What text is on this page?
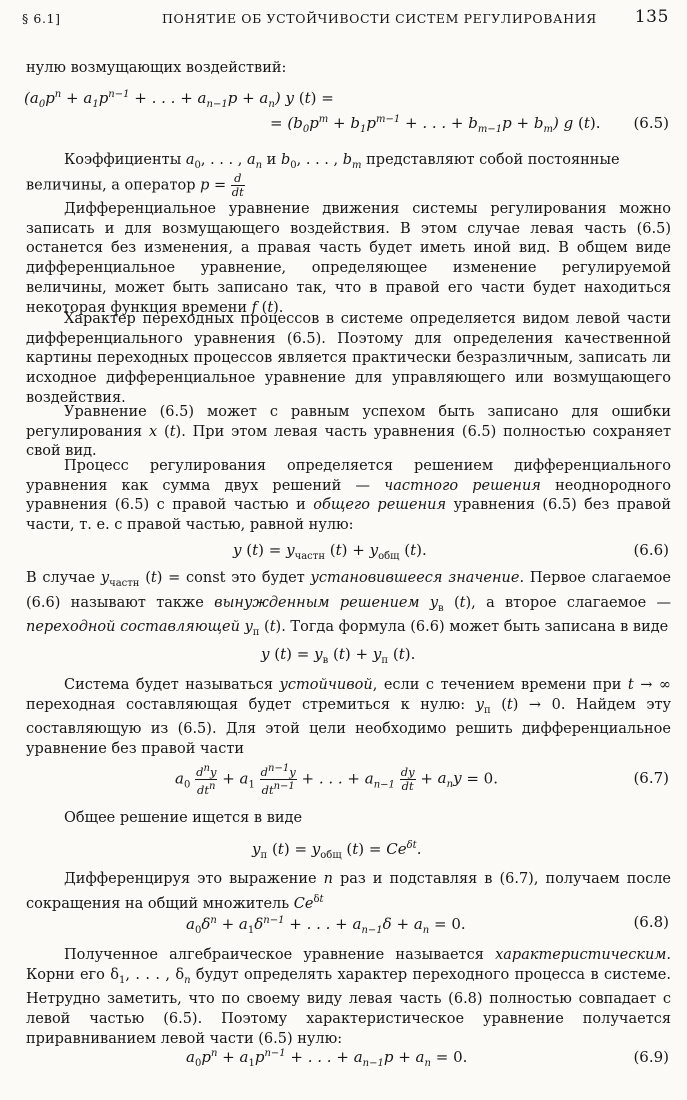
§ 6.1]	ПОНЯТИЕ ОБ УСТОЙЧИВОСТИ СИСТЕМ РЕГУЛИРОВАНИЯ 135
нулю возмущающих воздействий:
($a_0p^n + a_1p^{n-1}$ + . . . + $a_{n-1}p + a_n$) y (t) =
= ($b_0p^m + b_1p^{m-1}$ + . . . + $b_{m-1}p + b_m$) g (t). (6.5)
Коэффициенты $a_0$, . . . , $a_n$ и $b_0$, . . . , $b_m$ представляют собой постоянные
величины, а оператор $p = \frac{d}{dt}$
Дифференциальное уравнение движения системы регулирования можно записать и для возмущающего воздействия. В этом случае левая часть (6.5) останется без изменения, а правая часть будет иметь иной вид. В общем виде дифференциальное уравнение, определяющее изменение регулируемой величины, может быть записано так, что в правой его части будет находиться некоторая функция времени f (t).
Характер переходных процессов в системе определяется видом левой части дифференциального уравнения (6.5). Поэтому для определения качественной картины переходных процессов является практически безразличным, записать ли исходное дифференциальное уравнение для управляющего или возмущающего воздействия.
Уравнение (6.5) может с равным успехом быть записано для ошибки регулирования x (t). При этом левая часть уравнения (6.5) полностью сохраняет свой вид.
Процесс регулирования определяется решением дифференциального уравнения как сумма двух решений — частного решения неоднородного уравнения (6.5) с правой частью и общего решения уравнения (6.5) без правой части, т. е. с правой частью, равной нулю:
y $(t) = y_{частн}$ $(t) + y_{общ}$ (t).	(6.6)
В случае $y_{частн}$ (t) = const это будет установившееся значение. Первое слагаемое (6.6) называют также вынужденным решением $y_в$ (t), а второе слагаемое — переходной составляющей $y_п$ (t). Тогда формула (6.6) может быть записана в виде
y $(t) = y_в$ $(t) + y_п$ (t).
Система будет называться устойчивой, если с течением времени при t → ∞ переходная составляющая будет стремиться к нулю: $y_п$ (t) → 0. Найдем эту составляющую из (6.5). Для этой цели необходимо решить дифференциальное уравнение без правой части
$a_0 \frac{d^ny}{dt^n} + a_1 \frac{d^{n-1}y}{dt^{n-1}}$ + . . . + $a_{n-1} \frac{dy}{dt} + a_ny = 0$.	(6.7)
Общее решение ищется в виде
$y_п$ $(t) = y_{общ}$ $(t) = Ce^{\delta t}$.
Дифференцируя это выражение n раз и подставляя в (6.7), получаем после сокращения на общий множитель $Ce^{\delta t}$
$a_0\delta^n + a_1\delta^{n-1}$ + . . . + $a_{n-1}\delta + a_n = 0$.	(6.8)
Полученное алгебраическое уравнение называется характеристическим. Корни его $\delta_1$, . . . , $\delta_n$ будут определять характер переходного процесса в системе. Нетрудно заметить, что по своему виду левая часть (6.8) полностью совпадает с левой частью (6.5). Поэтому характеристическое уравнение получается приравниванием левой части (6.5) нулю:
$a_0p^n + a_1p^{n-1}$ + . . . + $a_{n-1}p + a_n = 0$.	(6.9)
